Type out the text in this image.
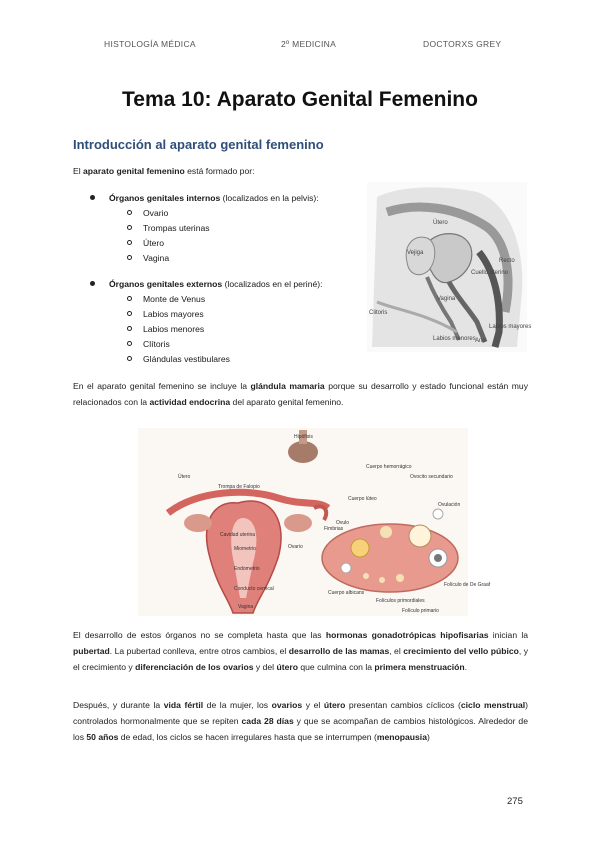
HISTOLOGÍA MÉDICA	2º MEDICINA	DOCTORXS GREY
Tema 10: Aparato Genital Femenino
Introducción al aparato genital femenino
El aparato genital femenino está formado por:
Órganos genitales internos (localizados en la pelvis):
Ovario
Trompas uterinas
Útero
Vagina
Órganos genitales externos (localizados en el periné):
Monte de Venus
Labios mayores
Labios menores
Clítoris
Glándulas vestibulares
Útero
Vejiga
Clitoris
Cuello uterino
Vagina
Recto
Ano
Labios mayores
Labios menores
En el aparato genital femenino se incluye la glándula mamaria porque su desarrollo y estado funcional están muy relacionados con la actividad endocrina del aparato genital femenino.
Hipófisis
Útero
Trompa de Falopio
Cavidad uterina
Miometrio
Endometrio
Conducto cervical
Vagina
Fimbrias
Ovario
Cuerpo lúteo
Cuerpo hemorrágico
Ovulo
Ovocito secundario
Ovulación
Folículo de De Graaf
Folículos primordiales
Cuerpo albicans
Folículo primario
El desarrollo de estos órganos no se completa hasta que las hormonas gonadotrópicas hipofisarias inician la pubertad. La pubertad conlleva, entre otros cambios, el desarrollo de las mamas, el crecimiento del vello púbico, y el crecimiento y diferenciación de los ovarios y del útero que culmina con la primera menstruación.
Después, y durante la vida fértil de la mujer, los ovarios y el útero presentan cambios cíclicos (ciclo menstrual) controlados hormonalmente que se repiten cada 28 días y que se acompañan de cambios histológicos. Alrededor de los 50 años de edad, los ciclos se hacen irregulares hasta que se interrumpen (menopausia)
275
